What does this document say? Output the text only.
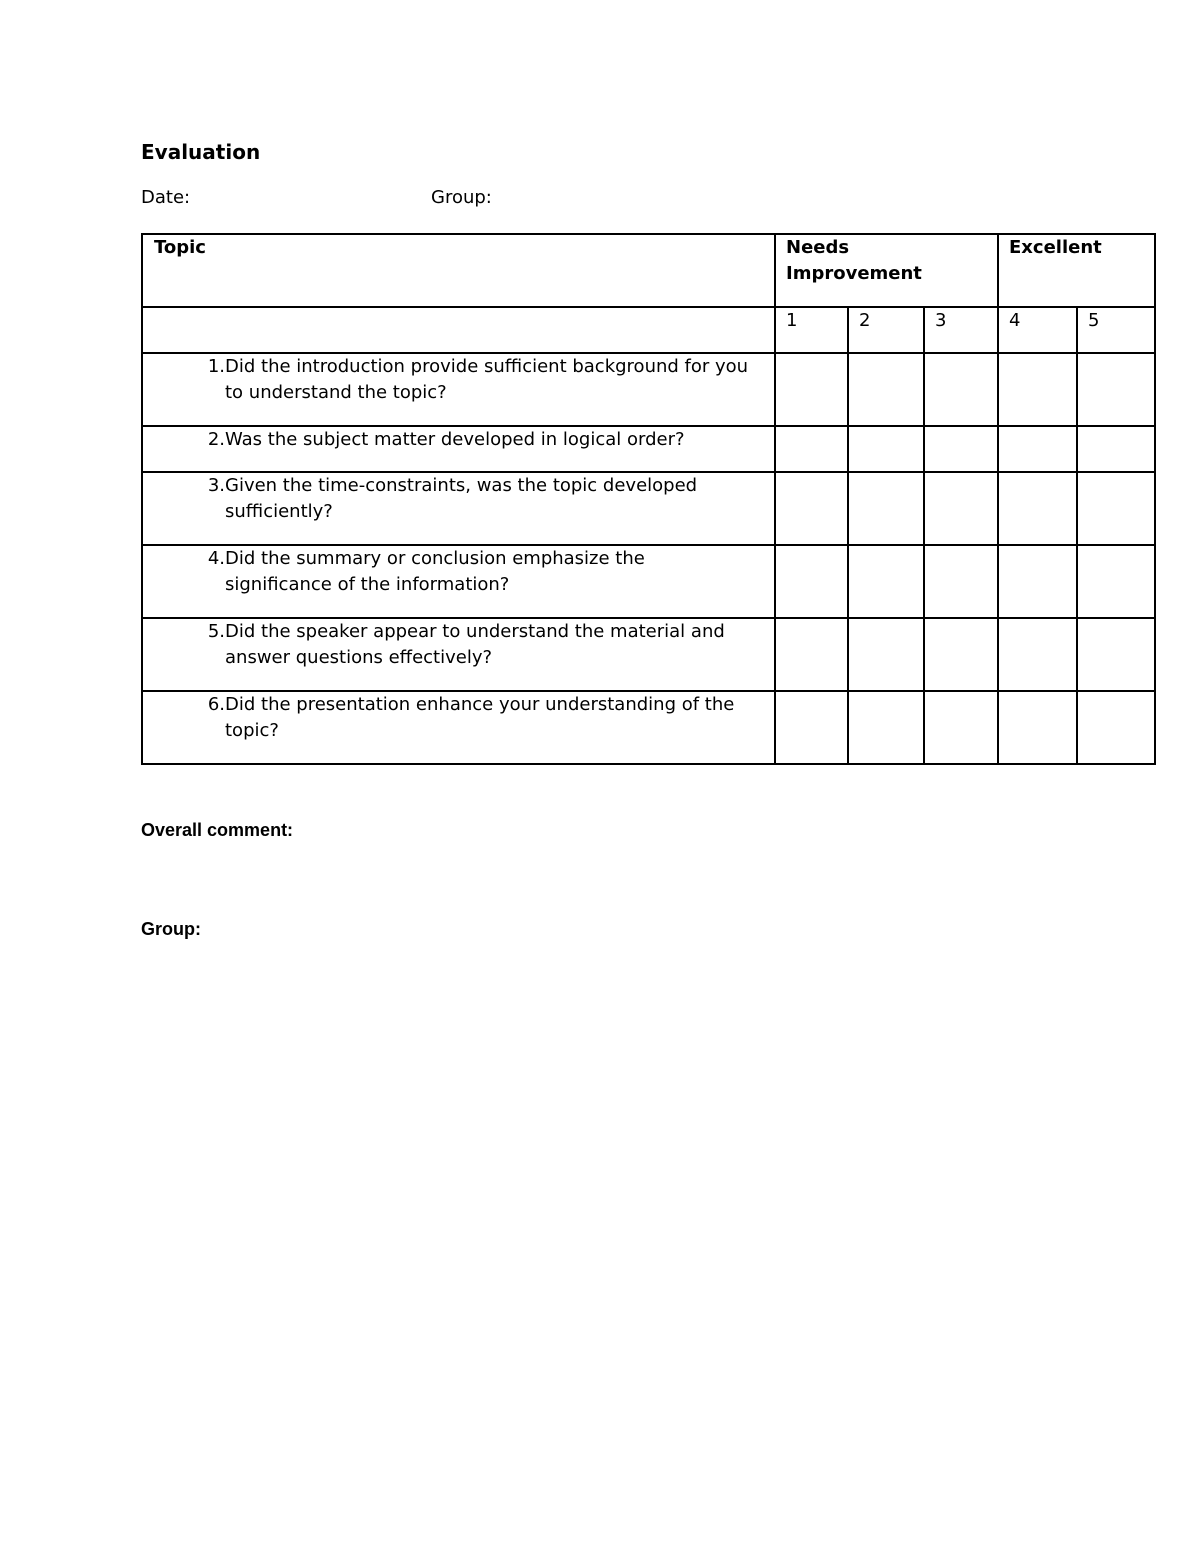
Evaluation
Date:	Group:
Topic	Needs Improvement			Excellent	

	1	2	3	4	5

1. Did the introduction provide sufficient background for you to understand the topic?					

2. Was the subject matter developed in logical order?					

3. Given the time-constraints, was the topic developed sufficiently?					

4. Did the summary or conclusion emphasize the significance of the information?					

5. Did the speaker appear to understand the material and answer questions effectively?					

6. Did the presentation enhance your understanding of the topic?					

Overall comment:
Group:
